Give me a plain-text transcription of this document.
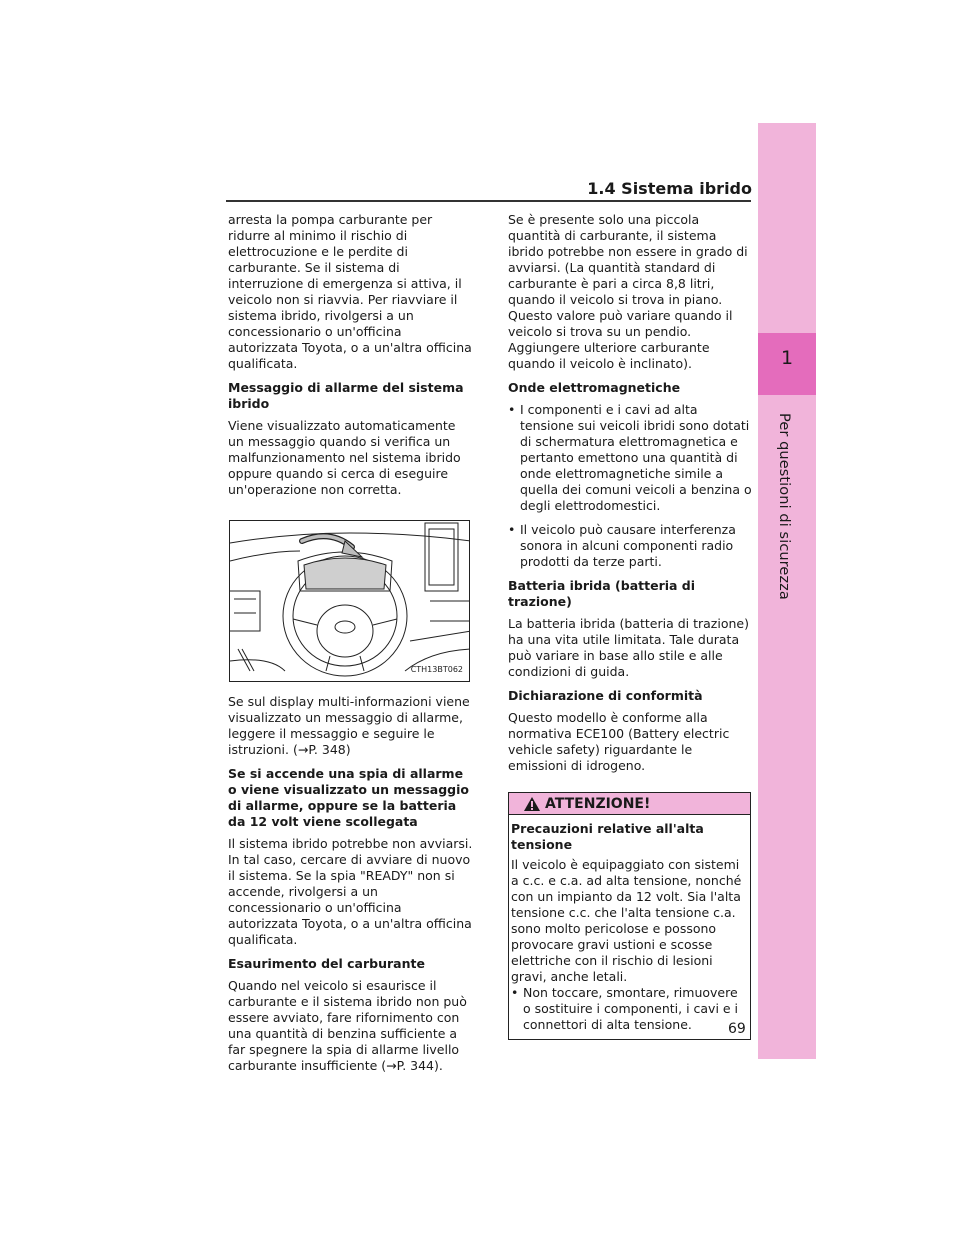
1
Per questioni di sicurezza
1.4 Sistema ibrido

arresta la pompa carburante per ridurre al minimo il rischio di elettrocuzione e le perdite di carburante. Se il sistema di interruzione di emergenza si attiva, il veicolo non si riavvia. Per riavviare il sistema ibrido, rivolgersi a un concessionario o un'officina autorizzata Toyota, o a un'altra officina qualificata.

Messaggio di allarme del sistema ibrido

Viene visualizzato automaticamente un messaggio quando si verifica un malfunzionamento nel sistema ibrido oppure quando si cerca di eseguire un'operazione non corretta.

CTH13BT062

Se sul display multi-informazioni viene visualizzato un messaggio di allarme, leggere il messaggio e seguire le istruzioni. (→P. 348)

Se si accende una spia di allarme o viene visualizzato un messaggio di allarme, oppure se la batteria da 12 volt viene scollegata

Il sistema ibrido potrebbe non avviarsi. In tal caso, cercare di avviare di nuovo il sistema. Se la spia "READY" non si accende, rivolgersi a un concessionario o un'officina autorizzata Toyota, o a un'altra officina qualificata.

Esaurimento del carburante

Quando nel veicolo si esaurisce il carburante e il sistema ibrido non può essere avviato, fare rifornimento con una quantità di benzina sufficiente a far spegnere la spia di allarme livello carburante insufficiente (→P. 344).

Se è presente solo una piccola quantità di carburante, il sistema ibrido potrebbe non essere in grado di avviarsi. (La quantità standard di carburante è pari a circa 8,8 litri, quando il veicolo si trova in piano. Questo valore può variare quando il veicolo si trova su un pendio. Aggiungere ulteriore carburante quando il veicolo è inclinato).

Onde elettromagnetiche
• I componenti e i cavi ad alta tensione sui veicoli ibridi sono dotati di schermatura elettromagnetica e pertanto emettono una quantità di onde elettromagnetiche simile a quella dei comuni veicoli a benzina o degli elettrodomestici.
• Il veicolo può causare interferenza sonora in alcuni componenti radio prodotti da terze parti.
Batteria ibrida (batteria di trazione)

La batteria ibrida (batteria di trazione) ha una vita utile limitata. Tale durata può variare in base allo stile e alle condizioni di guida.

Dichiarazione di conformità

Questo modello è conforme alla normativa ECE100 (Battery electric vehicle safety) riguardante le emissioni di idrogeno.

ATTENZIONE!
Precauzioni relative all'alta tensione

Il veicolo è equipaggiato con sistemi a c.c. e c.a. ad alta tensione, nonché con un impianto da 12 volt. Sia l'alta tensione c.c. che l'alta tensione c.a. sono molto pericolose e possono provocare gravi ustioni e scosse elettriche con il rischio di lesioni gravi, anche letali.

• Non toccare, smontare, rimuovere o sostituire i componenti, i cavi e i connettori di alta tensione.	69
